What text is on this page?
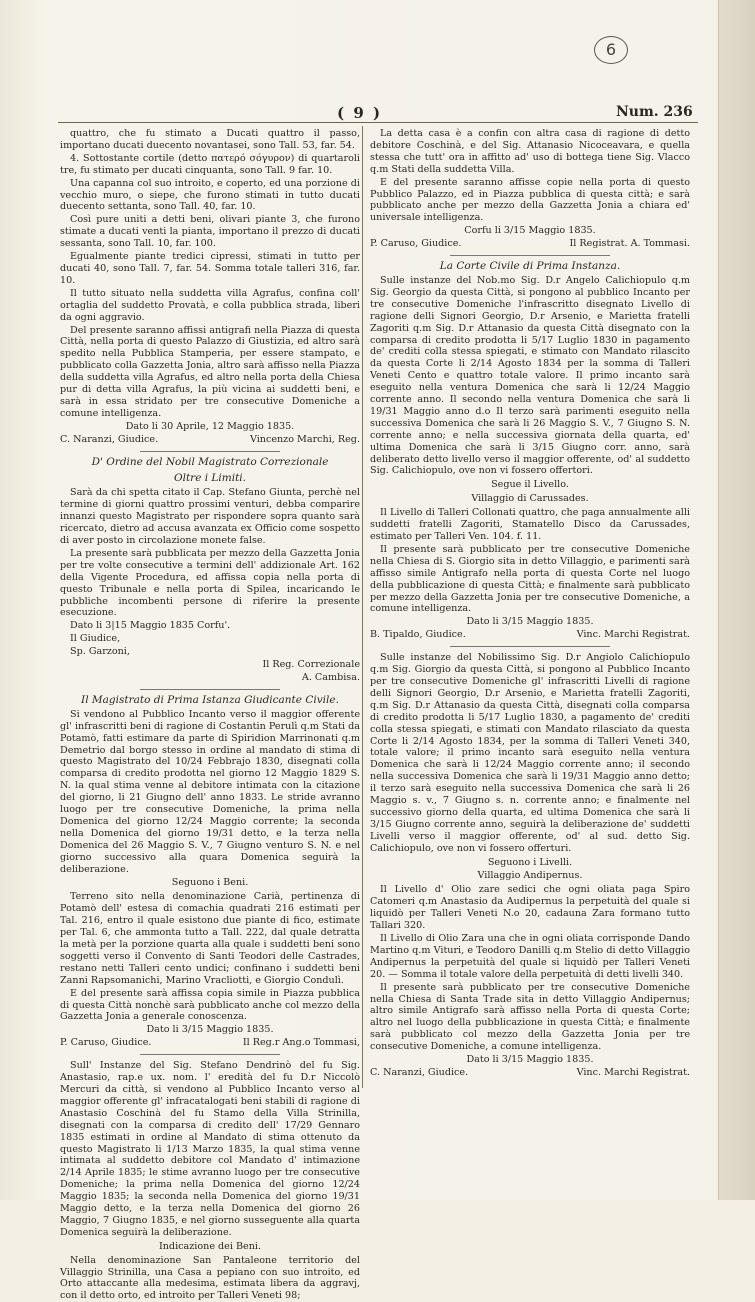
6
( 9 )	Num. 236

quattro, che fu stimato a Ducati quattro il passo, importano ducati duecento novantasei, sono Tall. 53, far. 54.

4. Sottostante cortile (detto πατερό σόγυρον) di quartaroli tre, fu stimato per ducati cinquanta, sono Tall. 9 far. 10.

Una capanna col suo introito, e coperto, ed una porzione di vecchio muro, o siepe, che furono stimati in tutto ducati duecento settanta, sono Tall. 40, far. 10.

Così pure uniti a detti beni, olivari piante 3, che furono stimate a ducati venti la pianta, importano il prezzo di ducati sessanta, sono Tall. 10, far. 100.

Egualmente piante tredici cipressi, stimati in tutto per ducati 40, sono Tall. 7, far. 54. Somma totale talleri 316, far. 10.

Il tutto situato nella suddetta villa Agrafus, confina coll' ortaglia del suddetto Provatà, e colla pubblica strada, liberi da ogni aggravio.

Del presente saranno affissi antigrafi nella Piazza di questa Città, nella porta di questo Palazzo di Giustizia, ed altro sarà spedito nella Pubblica Stamperia, per essere stampato, e pubblicato colla Gazzetta Jonia, altro sarà affisso nella Piazza della suddetta villa Agrafus, ed altro nella porta della Chiesa pur di detta villa Agrafus, la più vicina ai suddetti beni, e sarà in essa stridato per tre consecutive Domeniche a comune intelligenza.

Dato li 30 Aprile, 12 Maggio 1835.

C. Naranzi, Giudice.	Vincenzo Marchi, Reg.

D' Ordine del Nobil Magistrato Correzionale

Oltre i Limiti.

Sarà da chi spetta citato il Cap. Stefano Giunta, perchè nel termine di giorni quattro prossimi venturi, debba comparire innanzi questo Magistrato per rispondere sopra quanto sarà ricercato, dietro ad accusa avanzata ex Officio come sospetto di aver posto in circolazione monete false.

La presente sarà pubblicata per mezzo della Gazzetta Jonia per tre volte consecutive a termini dell' addizionale Art. 162 della Vigente Procedura, ed affissa copia nella porta di questo Tribunale e nella porta di Spilea, incaricando le pubbliche incombenti persone di riferire la presente esecuzione.

Dato li 3|15 Maggio 1835 Corfu'.

Il Giudice,

Sp. Garzoni,

Il Reg. Correzionale

A. Cambisa.

Il Magistrato di Prima Istanza Giudicante Civile.

Si vendono al Pubblico Incanto verso il maggior offerente gl' infrascritti beni di ragione di Costantin Perulì q.m Stati da Potamò, fatti estimare da parte di Spiridion Marrinonati q.m Demetrio dal borgo stesso in ordine al mandato di stima di questo Magistrato del 10/24 Febbrajo 1830, disegnati colla comparsa di credito prodotta nel giorno 12 Maggio 1829 S. N. la qual stima venne al debitore intimata con la citazione del giorno, li 21 Giugno dell' anno 1833. Le stride avranno luogo per tre consecutive Domeniche, la prima nella Domenica del giorno 12/24 Maggio corrente; la seconda nella Domenica del giorno 19/31 detto, e la terza nella Domenica del 26 Maggio S. V., 7 Giugno venturo S. N. e nel giorno successivo alla quara Domenica seguirà la deliberazione.

Seguono i Beni.

Terreno sito nella denominazione Carià, pertinenza di Potamò dell' estesa di comachia quadrati 216 estimati per Tal. 216, entro il quale esistono due piante di fico, estimate per Tal. 6, che ammonta tutto a Tall. 222, dal quale detratta la metà per la porzione quarta alla quale i suddetti beni sono soggetti verso il Convento di Santi Teodori delle Castrades, restano netti Talleri cento undici; confinano i suddetti beni Zanni Rapsomanichi, Marino Vracliotti, e Giorgio Condulì.

E del presente sarà affissa copia simile in Piazza pubblica di questa Città nonchè sarà pubblicato anche col mezzo della Gazzetta Jonia a generale conoscenza.

Dato li 3/15 Maggio 1835.

P. Caruso, Giudice.	Il Reg.r Ang.o Tommasi,

Sull' Instanze del Sig. Stefano Dendrinò del fu Sig. Anastasio, rap.e ux. nom. l' eredità del fu D.r Niccolò Mercuri da città, si vendono al Pubblico Incanto verso al maggior offerente gl' infracatalogati beni stabili di ragione di Anastasio Coschinà del fu Stamo della Villa Strinilla, disegnati con la comparsa di credito dell' 17/29 Gennaro 1835 estimati in ordine al Mandato di stima ottenuto da questo Magistrato li 1/13 Marzo 1835, la qual stima venne intimata al suddetto debitore col Mandato d' intimazione 2/14 Aprile 1835; le stime avranno luogo per tre consecutive Domeniche; la prima nella Domenica del giorno 12/24 Maggio 1835; la seconda nella Domenica del giorno 19/31 Maggio detto, e la terza nella Domenica del giorno 26 Maggio, 7 Giugno 1835, e nel giorno susseguente alla quarta Domenica seguirà la deliberazione.

Indicazione dei Beni.

Nella denominazione San Pantaleone territorio del Villaggio Strinilla, una Casa a pepiano con suo introito, ed Orto attaccante alla medesima, estimata libera da aggravj, con il detto orto, ed introito per Talleri Veneti 98;

La detta casa è a confin con altra casa di ragione di detto debitore Coschinà, e del Sig. Attanasio Nicoceavara, e quella stessa che tutt' ora in affitto ad' uso di bottega tiene Sig. Vlacco q.m Stati della suddetta Villa.

E del presente saranno affisse copie nella porta di questo Pubblico Palazzo, ed in Piazza pubblica di questa città; e sarà pubblicato anche per mezzo della Gazzetta Jonia a chiara ed' universale intelligenza.

Corfu li 3/15 Maggio 1835.

P. Caruso, Giudice.	Il Registrat. A. Tommasi.

La Corte Civile di Prima Instanza.

Sulle instanze del Nob.mo Sig. D.r Angelo Calichiopulo q.m Sig. Georgio da questa Città, si pongono al pubblico Incanto per tre consecutive Domeniche l'infrascritto disegnato Livello di ragione delli Signori Georgio, D.r Arsenio, e Marietta fratelli Zagoriti q.m Sig. D.r Attanasio da questa Città disegnato con la comparsa di credito prodotta li 5/17 Luglio 1830 in pagamento de' crediti colla stessa spiegati, e stimato con Mandato rilascito da questa Corte li 2/14 Agosto 1834 per la somma di Talleri Veneti Cento e quattro totale valore. Il primo incanto sarà eseguito nella ventura Domenica che sarà li 12/24 Maggio corrente anno. Il secondo nella ventura Domenica che sarà li 19/31 Maggio anno d.o Il terzo sarà parimenti eseguito nella successiva Domenica che sarà li 26 Maggio S. V., 7 Giugno S. N. corrente anno; e nella successiva giornata della quarta, ed' ultima Domenica che sarà li 3/15 Giugno corr. anno, sarà deliberato detto livello verso il maggior offerente, od' al suddetto Sig. Calichiopulo, ove non vi fossero offertori.

Segue il Livello.

Villaggio di Carussades.

Il Livello di Talleri Collonati quattro, che paga annualmente alli suddetti fratelli Zagoriti, Stamatello Disco da Carussades, estimato per Talleri Ven. 104. f. 11.

Il presente sarà pubblicato per tre consecutive Domeniche nella Chiesa di S. Giorgio sita in detto Villaggio, e parimenti sarà affisso simile Antigrafo nella porta di questa Corte nel luogo della pubblicazione di questa Città; e finalmente sarà pubblicato per mezzo della Gazzetta Jonia per tre consecutive Domeniche, a comune intelligenza.

Dato li 3/15 Maggio 1835.

B. Tipaldo, Giudice.	Vinc. Marchi Registrat.

Sulle instanze del Nobilissimo Sig. D.r Angiolo Calichiopulo q.m Sig. Giorgio da questa Città, si pongono al Pubblico Incanto per tre consecutive Domeniche gl' infrascritti Livelli di ragione delli Signori Georgio, D.r Arsenio, e Marietta fratelli Zagoriti, q.m Sig. D.r Attanasio da questa Città, disegnati colla comparsa di credito prodotta li 5/17 Luglio 1830, a pagamento de' crediti colla stessa spiegati, e stimati con Mandato rilasciato da questa Corte li 2/14 Agosto 1834, per la somma di Talleri Veneti 340, totale valore; il primo incanto sarà eseguito nella ventura Domenica che sarà li 12/24 Maggio corrente anno; il secondo nella successiva Domenica che sarà li 19/31 Maggio anno detto; il terzo sarà eseguito nella successiva Domenica che sarà li 26 Maggio s. v., 7 Giugno s. n. corrente anno; e finalmente nel successivo giorno della quarta, ed ultima Domenica che sarà li 3/15 Giugno corrente anno, seguirà la deliberazione de' suddetti Livelli verso il maggior offerente, od' al sud. detto Sig. Calichiopulo, ove non vi fossero offerturi.

Seguono i Livelli.

Villaggio Andipernus.

Il Livello d' Olio zare sedici che ogni oliata paga Spiro Catomeri q.m Anastasio da Audipernus la perpetuità del quale si liquidò per Talleri Veneti N.o 20, cadauna Zara formano tutto Tallari 320.

Il Livello di Olio Zara una che in ogni oliata corrisponde Dando Martino q.m Vituri, e Teodoro Danilli q.m Stelio di detto Villaggio Andipernus la perpetuità del quale si liquidò per Talleri Veneti 20. — Somma il totale valore della perpetuità di detti livelli 340.

Il presente sarà pubblicato per tre consecutive Domeniche nella Chiesa di Santa Trade sita in detto Villaggio Andipernus; altro simile Antigrafo sarà affisso nella Porta di questa Corte; altro nel luogo della pubblicazione in questa Città; e finalmente sarà pubblicato col mezzo della Gazzetta Jonia per tre consecutive Domeniche, a comune intelligenza.

Dato li 3/15 Maggio 1835.

C. Naranzi, Giudice.	Vinc. Marchi Registrat.
